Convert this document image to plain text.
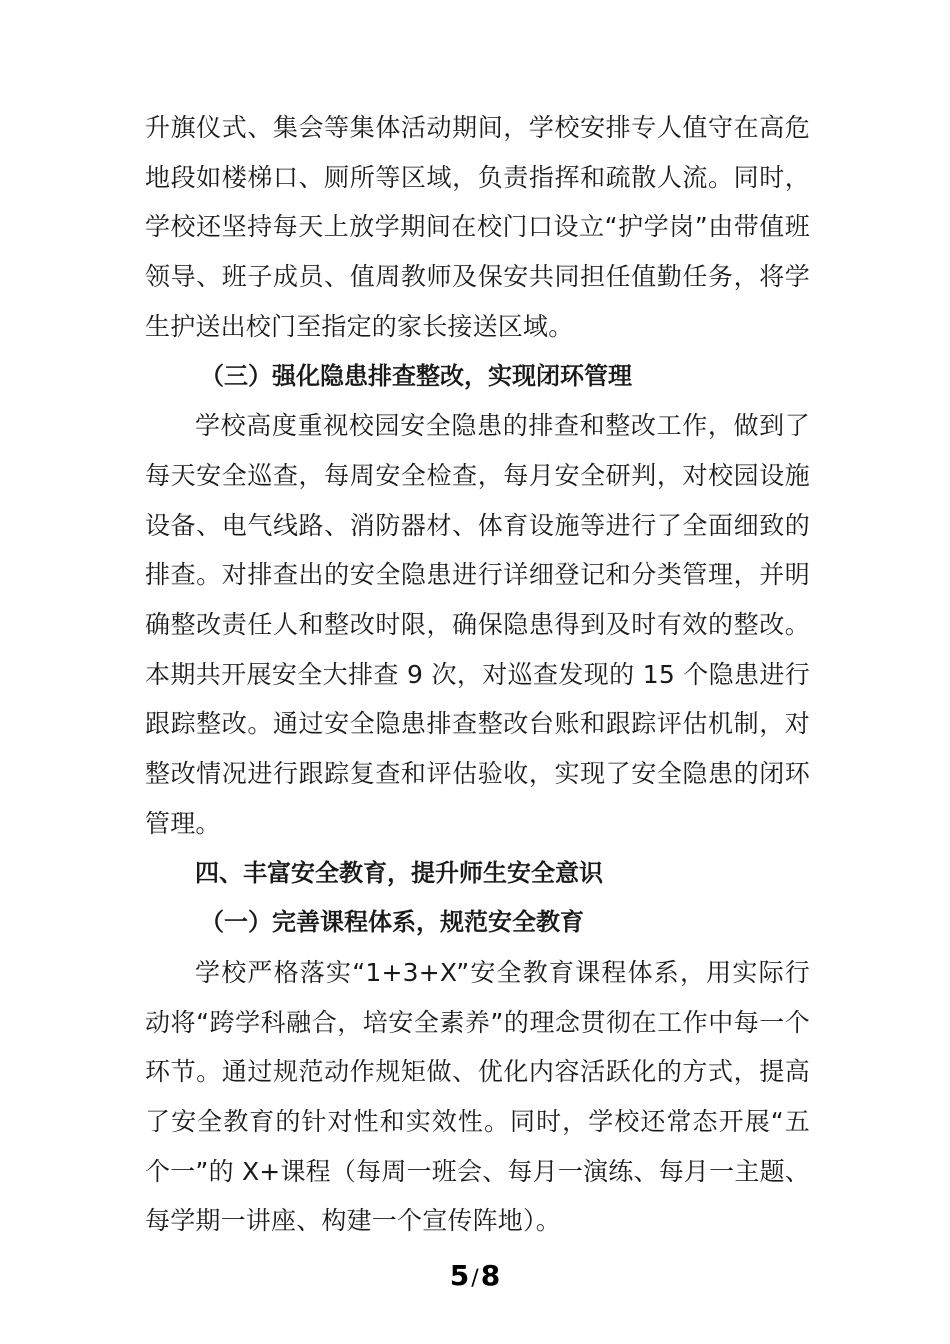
升旗仪式、集会等集体活动期间，学校安排专人值守在高危地段如楼梯口、厕所等区域，负责指挥和疏散人流。同时，学校还坚持每天上放学期间在校门口设立“护学岗”由带值班领导、班子成员、值周教师及保安共同担任值勤任务，将学生护送出校门至指定的家长接送区域。

（三）强化隐患排查整改，实现闭环管理

学校高度重视校园安全隐患的排查和整改工作，做到了每天安全巡查，每周安全检查，每月安全研判，对校园设施设备、电气线路、消防器材、体育设施等进行了全面细致的排查。对排查出的安全隐患进行详细登记和分类管理，并明确整改责任人和整改时限，确保隐患得到及时有效的整改。本期共开展安全大排查 9 次，对巡查发现的 15 个隐患进行跟踪整改。通过安全隐患排查整改台账和跟踪评估机制，对整改情况进行跟踪复查和评估验收，实现了安全隐患的闭环管理。

四、丰富安全教育，提升师生安全意识

（一）完善课程体系，规范安全教育

学校严格落实“1+3+X”安全教育课程体系，用实际行动将“跨学科融合，培安全素养”的理念贯彻在工作中每一个环节。通过规范动作规矩做、优化内容活跃化的方式，提高了安全教育的针对性和实效性。同时，学校还常态开展“五个一”的 X+课程（每周一班会、每月一演练、每月一主题、每学期一讲座、构建一个宣传阵地）。

5/8
